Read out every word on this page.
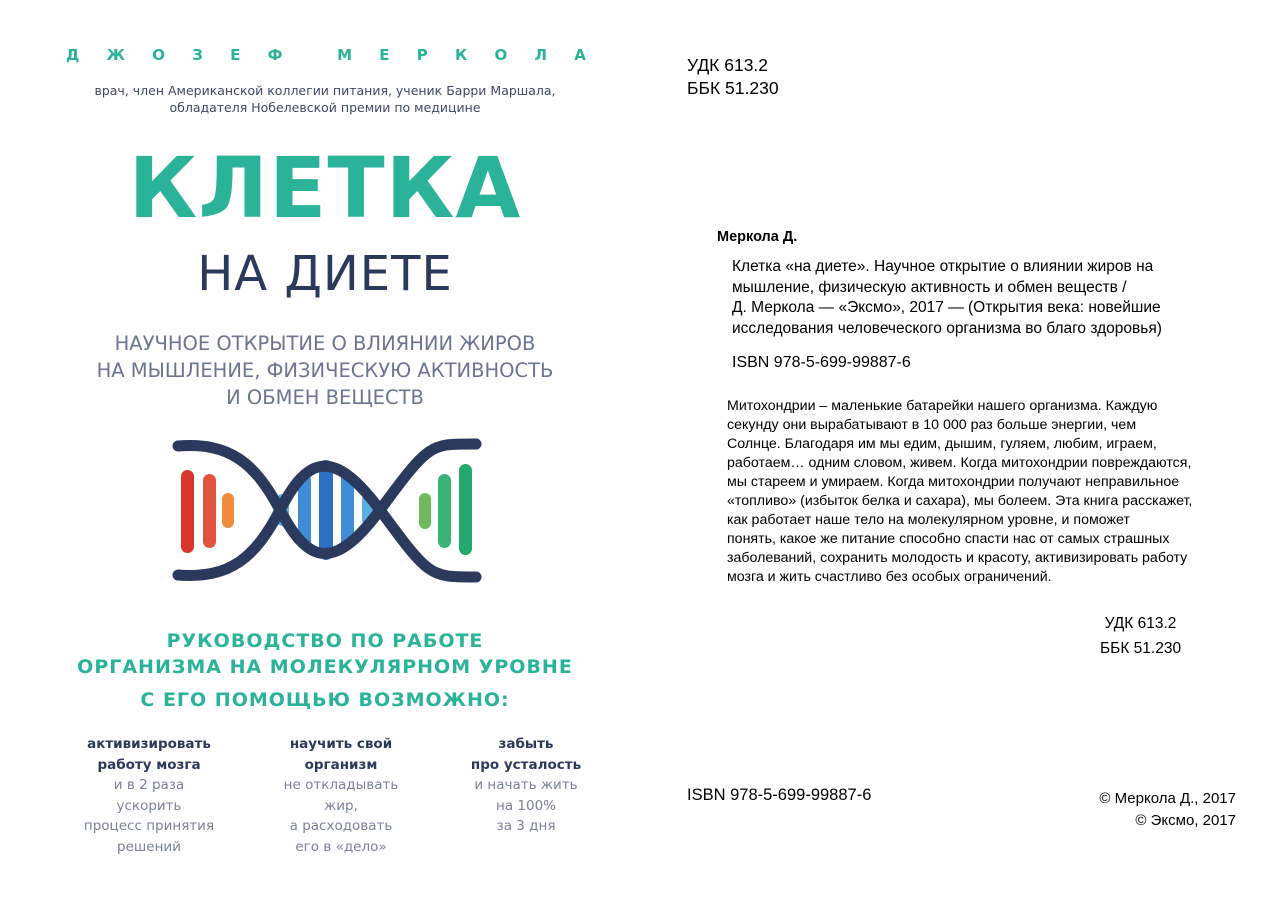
Д Ж О З Е Ф	М Е Р К О Л А
врач, член Американской коллегии питания, ученик Барри Маршала,
обладателя Нобелевской премии по медицине
КЛЕТКА
НА ДИЕТЕ
НАУЧНОЕ ОТКРЫТИЕ О ВЛИЯНИИ ЖИРОВ
НА МЫШЛЕНИЕ, ФИЗИЧЕСКУЮ АКТИВНОСТЬ
И ОБМЕН ВЕЩЕСТВ
РУКОВОДСТВО ПО РАБОТЕ
ОРГАНИЗМА НА МОЛЕКУЛЯРНОМ УРОВНЕ
С ЕГО ПОМОЩЬЮ ВОЗМОЖНО:
активизировать
работу мозга
и в 2 раза
ускорить
процесс принятия
решений
научить свой
организм
не откладывать
жир,
а расходовать
его в «дело»
забыть
про усталость
и начать жить
на 100%
за 3 дня
УДК 613.2
ББК 51.230
Меркола Д.
Клетка «на диете». Научное открытие о влиянии жиров на
мышление, физическую активность и обмен веществ /
Д. Меркола — «Эксмо», 2017 — (Открытия века: новейшие
исследования человеческого организма во благо здоровья)
ISBN 978-5-699-99887-6
Митохондрии – маленькие батарейки нашего организма. Каждую
секунду они вырабатывают в 10 000 раз больше энергии, чем
Солнце. Благодаря им мы едим, дышим, гуляем, любим, играем,
работаем… одним словом, живем. Когда митохондрии повреждаются,
мы стареем и умираем. Когда митохондрии получают неправильное
«топливо» (избыток белка и сахара), мы болеем. Эта книга расскажет,
как работает наше тело на молекулярном уровне, и поможет
понять, какое же питание способно спасти нас от самых страшных
заболеваний, сохранить молодость и красоту, активизировать работу
мозга и жить счастливо без особых ограничений.
УДК 613.2
ББК 51.230
ISBN 978-5-699-99887-6	© Меркола Д., 2017
© Эксмо, 2017
